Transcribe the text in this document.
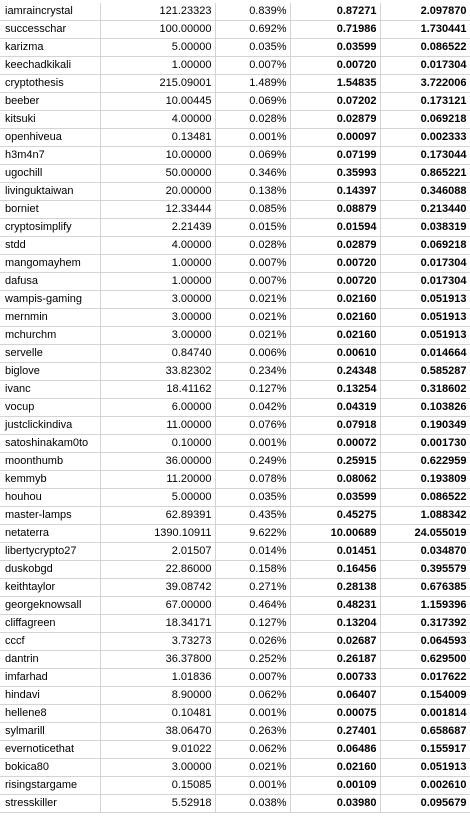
iamraincrystal	121.23323	0.839%	0.87271	2.097870
successchar	100.00000	0.692%	0.71986	1.730441
karizma	5.00000	0.035%	0.03599	0.086522
keechadkikali	1.00000	0.007%	0.00720	0.017304
cryptothesis	215.09001	1.489%	1.54835	3.722006
beeber	10.00445	0.069%	0.07202	0.173121
kitsuki	4.00000	0.028%	0.02879	0.069218
openhiveua	0.13481	0.001%	0.00097	0.002333
h3m4n7	10.00000	0.069%	0.07199	0.173044
ugochill	50.00000	0.346%	0.35993	0.865221
livinguktaiwan	20.00000	0.138%	0.14397	0.346088
borniet	12.33444	0.085%	0.08879	0.213440
cryptosimplify	2.21439	0.015%	0.01594	0.038319
stdd	4.00000	0.028%	0.02879	0.069218
mangomayhem	1.00000	0.007%	0.00720	0.017304
dafusa	1.00000	0.007%	0.00720	0.017304
wampis-gaming	3.00000	0.021%	0.02160	0.051913
mernmin	3.00000	0.021%	0.02160	0.051913
mchurchm	3.00000	0.021%	0.02160	0.051913
servelle	0.84740	0.006%	0.00610	0.014664
biglove	33.82302	0.234%	0.24348	0.585287
ivanc	18.41162	0.127%	0.13254	0.318602
vocup	6.00000	0.042%	0.04319	0.103826
justclickindiva	11.00000	0.076%	0.07918	0.190349
satoshinakam0to	0.10000	0.001%	0.00072	0.001730
moonthumb	36.00000	0.249%	0.25915	0.622959
kemmyb	11.20000	0.078%	0.08062	0.193809
houhou	5.00000	0.035%	0.03599	0.086522
master-lamps	62.89391	0.435%	0.45275	1.088342
netaterra	1390.10911	9.622%	10.00689	24.055019
libertycrypto27	2.01507	0.014%	0.01451	0.034870
duskobgd	22.86000	0.158%	0.16456	0.395579
keithtaylor	39.08742	0.271%	0.28138	0.676385
georgeknowsall	67.00000	0.464%	0.48231	1.159396
cliffagreen	18.34171	0.127%	0.13204	0.317392
cccf	3.73273	0.026%	0.02687	0.064593
dantrin	36.37800	0.252%	0.26187	0.629500
imfarhad	1.01836	0.007%	0.00733	0.017622
hindavi	8.90000	0.062%	0.06407	0.154009
hellene8	0.10481	0.001%	0.00075	0.001814
sylmarill	38.06470	0.263%	0.27401	0.658687
evernoticethat	9.01022	0.062%	0.06486	0.155917
bokica80	3.00000	0.021%	0.02160	0.051913
risingstargame	0.15085	0.001%	0.00109	0.002610
stresskiller	5.52918	0.038%	0.03980	0.095679
